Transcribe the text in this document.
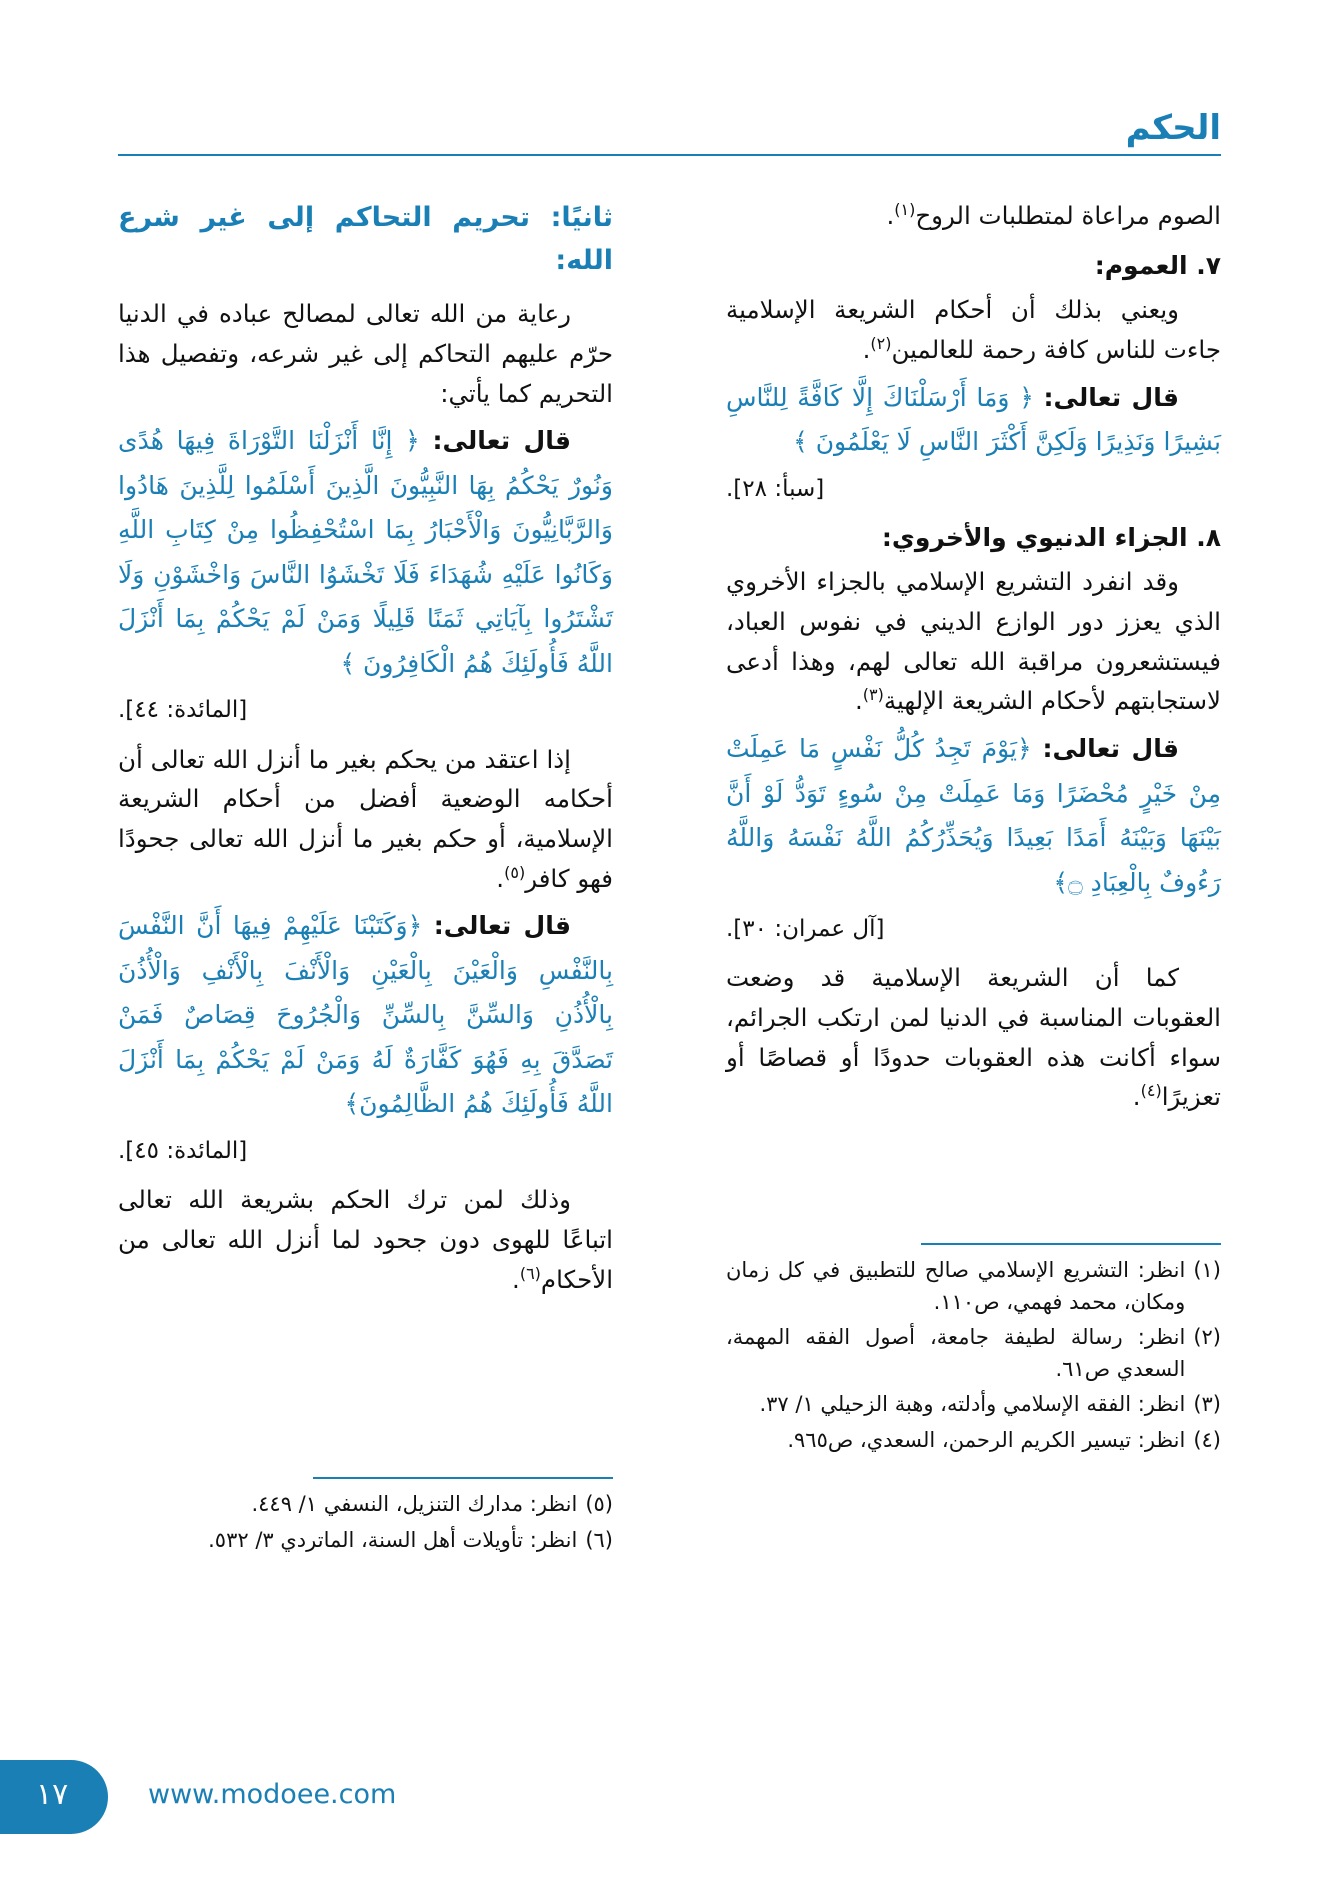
الحكم

الصوم مراعاة لمتطلبات الروح$^{(١)}$.

٧. العموم:

ويعني بذلك أن أحكام الشريعة الإسلامية جاءت للناس كافة رحمة للعالمين$^{(٢)}$.

قال تعالى: ﴿ وَمَا أَرْسَلْنَاكَ إِلَّا كَافَّةً لِلنَّاسِ بَشِيرًا وَنَذِيرًا وَلَكِنَّ أَكْثَرَ النَّاسِ لَا يَعْلَمُونَ ﴾

[سبأ: ٢٨].

٨. الجزاء الدنيوي والأخروي:

وقد انفرد التشريع الإسلامي بالجزاء الأخروي الذي يعزز دور الوازع الديني في نفوس العباد، فيستشعرون مراقبة الله تعالى لهم، وهذا أدعى لاستجابتهم لأحكام الشريعة الإلهية$^{(٣)}$.

قال تعالى: ﴿يَوْمَ تَجِدُ كُلُّ نَفْسٍ مَا عَمِلَتْ مِنْ خَيْرٍ مُحْضَرًا وَمَا عَمِلَتْ مِنْ سُوءٍ تَوَدُّ لَوْ أَنَّ بَيْنَهَا وَبَيْنَهُ أَمَدًا بَعِيدًا وَيُحَذِّرُكُمُ اللَّهُ نَفْسَهُ وَاللَّهُ رَءُوفٌ بِالْعِبَادِ ۝﴾

[آل عمران: ٣٠].

كما أن الشريعة الإسلامية قد وضعت العقوبات المناسبة في الدنيا لمن ارتكب الجرائم، سواء أكانت هذه العقوبات حدودًا أو قصاصًا أو تعزيرًا$^{(٤)}$.

ثانيًا: تحريم التحاكم إلى غير شرع الله:

رعاية من الله تعالى لمصالح عباده في الدنيا حرّم عليهم التحاكم إلى غير شرعه، وتفصيل هذا التحريم كما يأتي:

قال تعالى: ﴿ إِنَّا أَنْزَلْنَا التَّوْرَاةَ فِيهَا هُدًى وَنُورٌ يَحْكُمُ بِهَا النَّبِيُّونَ الَّذِينَ أَسْلَمُوا لِلَّذِينَ هَادُوا وَالرَّبَّانِيُّونَ وَالْأَحْبَارُ بِمَا اسْتُحْفِظُوا مِنْ كِتَابِ اللَّهِ وَكَانُوا عَلَيْهِ شُهَدَاءَ فَلَا تَخْشَوُا النَّاسَ وَاخْشَوْنِ وَلَا تَشْتَرُوا بِآيَاتِي ثَمَنًا قَلِيلًا وَمَنْ لَمْ يَحْكُمْ بِمَا أَنْزَلَ اللَّهُ فَأُولَئِكَ هُمُ الْكَافِرُونَ ﴾

[المائدة: ٤٤].

إذا اعتقد من يحكم بغير ما أنزل الله تعالى أن أحكامه الوضعية أفضل من أحكام الشريعة الإسلامية، أو حكم بغير ما أنزل الله تعالى جحودًا فهو كافر$^{(٥)}$.

قال تعالى: ﴿وَكَتَبْنَا عَلَيْهِمْ فِيهَا أَنَّ النَّفْسَ بِالنَّفْسِ وَالْعَيْنَ بِالْعَيْنِ وَالْأَنْفَ بِالْأَنْفِ وَالْأُذُنَ بِالْأُذُنِ وَالسِّنَّ بِالسِّنِّ وَالْجُرُوحَ قِصَاصٌ فَمَنْ تَصَدَّقَ بِهِ فَهُوَ كَفَّارَةٌ لَهُ وَمَنْ لَمْ يَحْكُمْ بِمَا أَنْزَلَ اللَّهُ فَأُولَئِكَ هُمُ الظَّالِمُونَ﴾

[المائدة: ٤٥].

وذلك لمن ترك الحكم بشريعة الله تعالى اتباعًا للهوى دون جحود لما أنزل الله تعالى من الأحكام$^{(٦)}$.	(١)
انظر: التشريع الإسلامي صالح للتطبيق في كل زمان ومكان، محمد فهمي، ص١١٠.
(٢)
انظر: رسالة لطيفة جامعة، أصول الفقه المهمة، السعدي ص٦١.
(٣)
انظر: الفقه الإسلامي وأدلته، وهبة الزحيلي ١/ ٣٧.
(٤)
انظر: تيسير الكريم الرحمن، السعدي، ص٩٦٥.
(٥)
انظر: مدارك التنزيل، النسفي ١/ ٤٤٩.
(٦)
انظر: تأويلات أهل السنة، الماتردي ٣/ ٥٣٢.
١٧	www.modoee.com
